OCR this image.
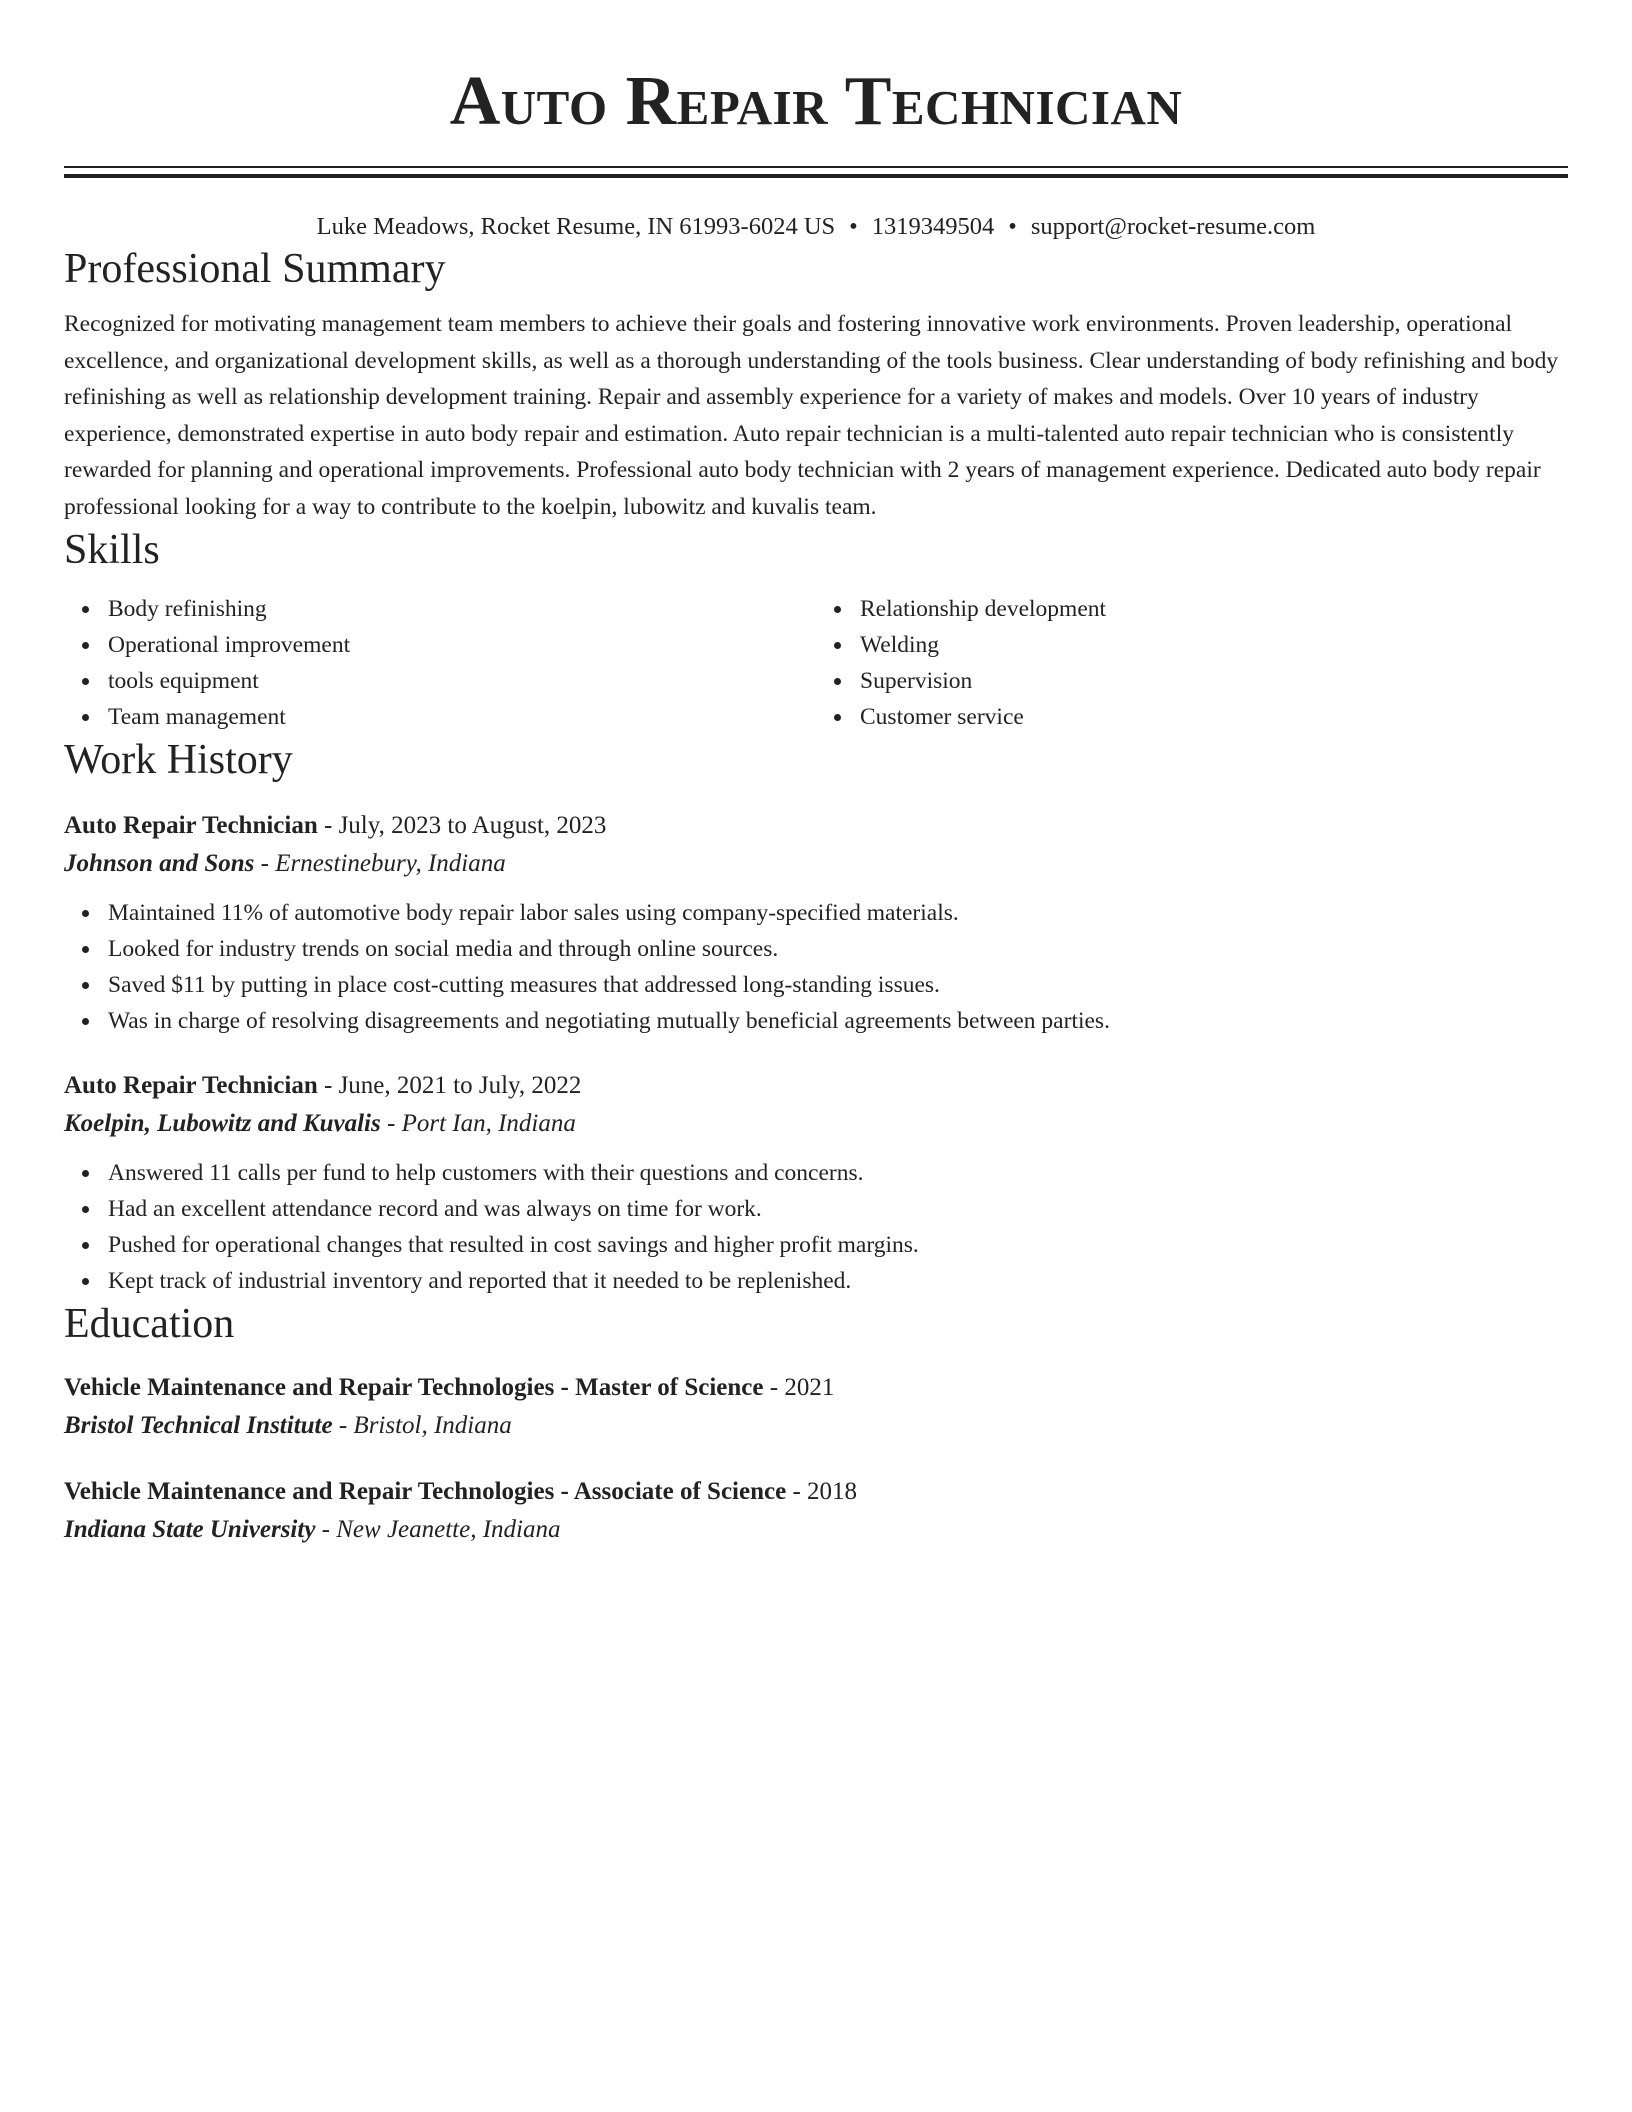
Auto Repair Technician
Luke Meadows, Rocket Resume, IN 61993-6024 US • 1319349504 • support@rocket-resume.com
Professional Summary

Recognized for motivating management team members to achieve their goals and fostering innovative work environments. Proven leadership, operational excellence, and organizational development skills, as well as a thorough understanding of the tools business. Clear understanding of body refinishing and body refinishing as well as relationship development training. Repair and assembly experience for a variety of makes and models. Over 10 years of industry experience, demonstrated expertise in auto body repair and estimation. Auto repair technician is a multi-talented auto repair technician who is consistently rewarded for planning and operational improvements. Professional auto body technician with 2 years of management experience. Dedicated auto body repair professional looking for a way to contribute to the koelpin, lubowitz and kuvalis team.

Skills
Body refinishing
Operational improvement
tools equipment
Team management
Relationship development
Welding
Supervision
Customer service
Work History
Auto Repair Technician - July, 2023 to August, 2023
Johnson and Sons - Ernestinebury, Indiana
Maintained 11% of automotive body repair labor sales using company-specified materials.
Looked for industry trends on social media and through online sources.
Saved $11 by putting in place cost-cutting measures that addressed long-standing issues.
Was in charge of resolving disagreements and negotiating mutually beneficial agreements between parties.
Auto Repair Technician - June, 2021 to July, 2022
Koelpin, Lubowitz and Kuvalis - Port Ian, Indiana
Answered 11 calls per fund to help customers with their questions and concerns.
Had an excellent attendance record and was always on time for work.
Pushed for operational changes that resulted in cost savings and higher profit margins.
Kept track of industrial inventory and reported that it needed to be replenished.
Education
Vehicle Maintenance and Repair Technologies - Master of Science - 2021
Bristol Technical Institute - Bristol, Indiana
Vehicle Maintenance and Repair Technologies - Associate of Science - 2018
Indiana State University - New Jeanette, Indiana
